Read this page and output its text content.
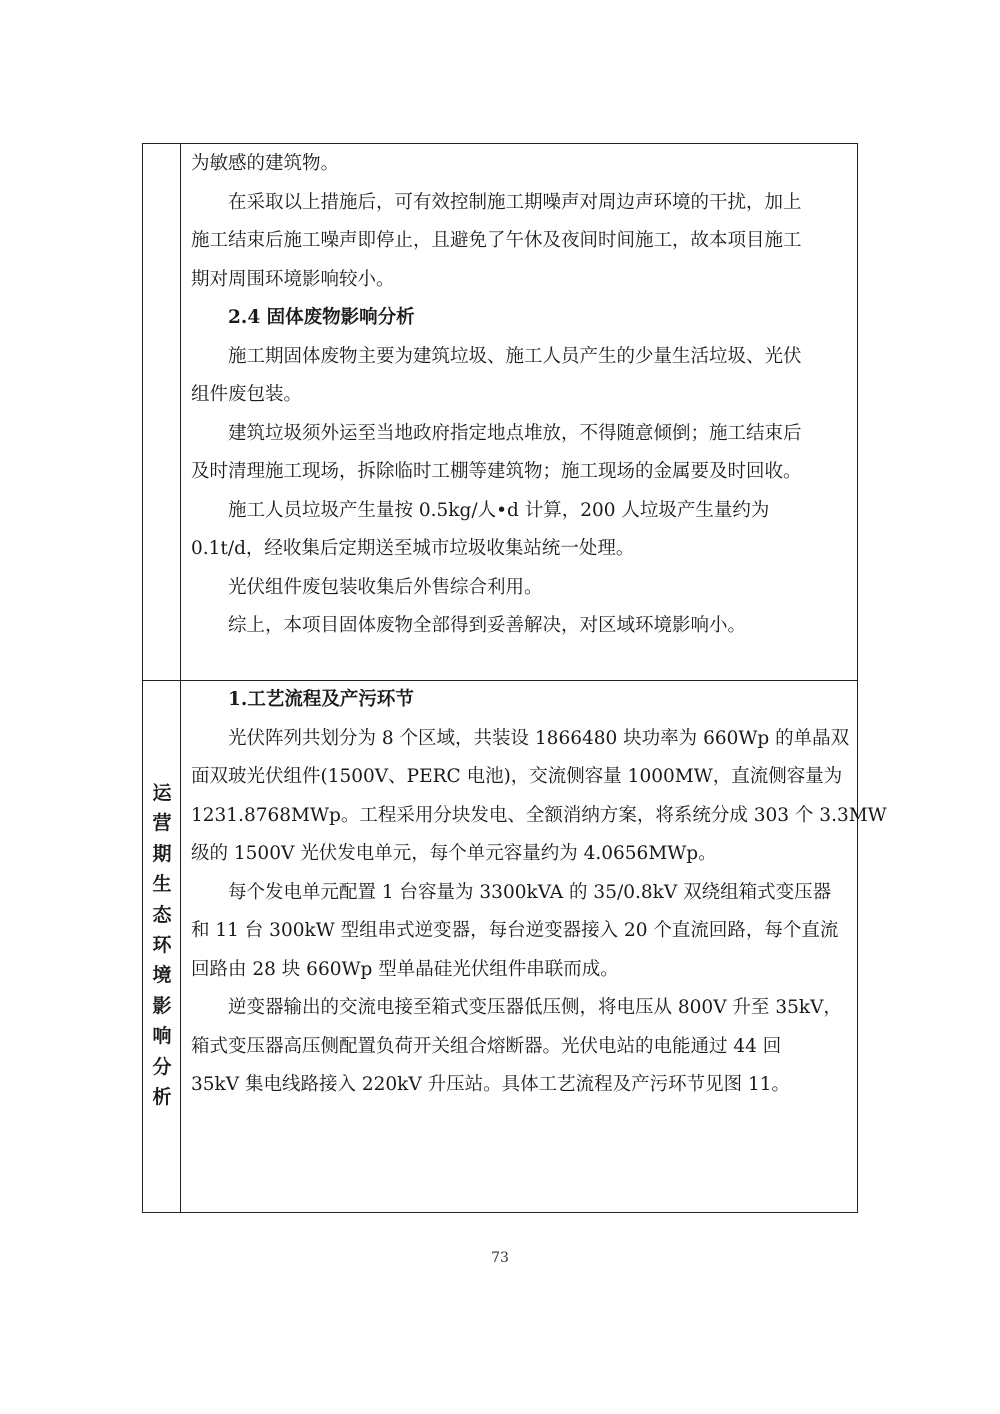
为敏感的建筑物。

在采取以上措施后，可有效控制施工期噪声对周边声环境的干扰，加上

施工结束后施工噪声即停止，且避免了午休及夜间时间施工，故本项目施工

期对周围环境影响较小。

2.4 固体废物影响分析

施工期固体废物主要为建筑垃圾、施工人员产生的少量生活垃圾、光伏

组件废包装。

建筑垃圾须外运至当地政府指定地点堆放，不得随意倾倒；施工结束后

及时清理施工现场，拆除临时工棚等建筑物；施工现场的金属要及时回收。

施工人员垃圾产生量按 0.5kg/人•d 计算，200 人垃圾产生量约为

0.1t/d，经收集后定期送至城市垃圾收集站统一处理。

光伏组件废包装收集后外售综合利用。

综上，本项目固体废物全部得到妥善解决，对区域环境影响小。

运
营
期
生
态
环
境
影
响
分
析

1.工艺流程及产污环节

光伏阵列共划分为 8 个区域，共装设 1866480 块功率为 660Wp 的单晶双

面双玻光伏组件(1500V、PERC 电池)，交流侧容量 1000MW，直流侧容量为

1231.8768MWp。工程采用分块发电、全额消纳方案，将系统分成 303 个 3.3MW

级的 1500V 光伏发电单元，每个单元容量约为 4.0656MWp。

每个发电单元配置 1 台容量为 3300kVA 的 35/0.8kV 双绕组箱式变压器

和 11 台 300kW 型组串式逆变器，每台逆变器接入 20 个直流回路，每个直流

回路由 28 块 660Wp 型单晶硅光伏组件串联而成。

逆变器输出的交流电接至箱式变压器低压侧，将电压从 800V 升至 35kV，

箱式变压器高压侧配置负荷开关组合熔断器。光伏电站的电能通过 44 回

35kV 集电线路接入 220kV 升压站。具体工艺流程及产污环节见图 11。

73
